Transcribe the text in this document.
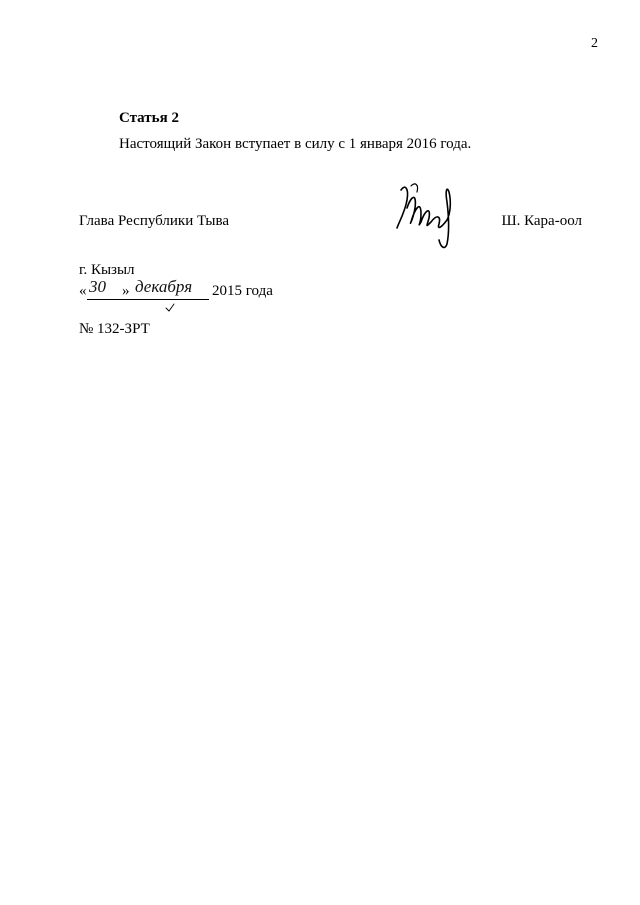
2
Статья 2
Настоящий Закон вступает в силу с 1 января 2016 года.
Глава Республики Тыва	Ш. Кара-оол
г. Кызыл
« 30 » декабря 2015 года
№ 132-ЗРТ
